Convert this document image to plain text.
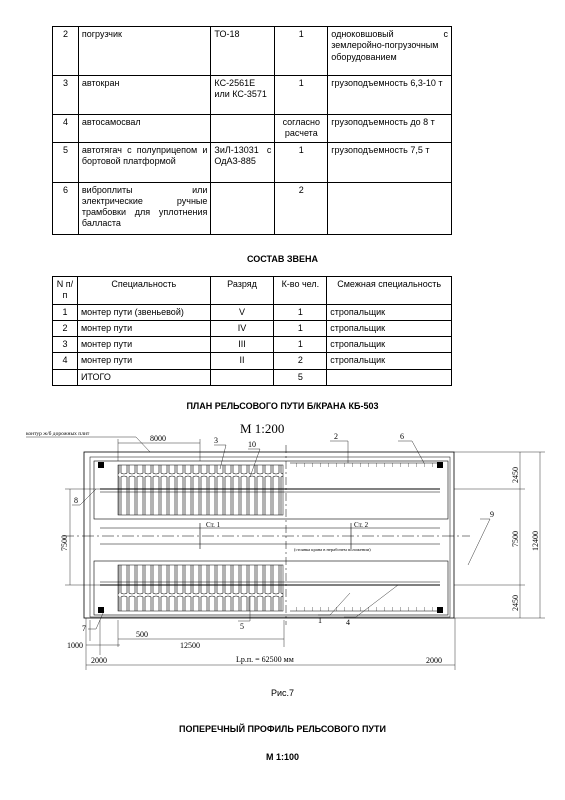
2	погрузчик	ТО-18	1	одноковшовый с землеройно-погрузочным оборудованием
3	автокран	КС-2561Е или КС-3571	1	грузоподъемность 6,3-10 т
4	автосамосвал		согласно расчета	грузоподъемность до 8 т
5	автотягач с полуприцепом и бортовой платформой	ЗиЛ-13031 с ОдАЗ-885	1	грузоподъемность 7,5 т
6	виброплиты или электрические ручные трамбовки для уплотнения балласта		2	
СОСТАВ ЗВЕНА
N п/п	Специальность	Разряд	К-во чел.	Смежная специальность
1	монтер пути (звеньевой)	V	1	стропальщик
2	монтер пути	IV	1	стропальщик
3	монтер пути	III	1	стропальщик
4	монтер пути	II	2	стропальщик
	ИТОГО		5	
ПЛАН РЕЛЬСОВОГО ПУТИ Б/КРАНА КБ-503
М 1:200
контур ж/б дорожных плит
Ст. 1	Ст. 2
(стоянка крана в нерабочем положении)
8000
2450
2450
7500 12400
7500
1000
500
12500
2000	2000
Lр.п. = 62500 мм
3	10
2	6
8
9
1	4
5
7
Рис.7
ПОПЕРЕЧНЫЙ ПРОФИЛЬ РЕЛЬСОВОГО ПУТИ
М 1:100
